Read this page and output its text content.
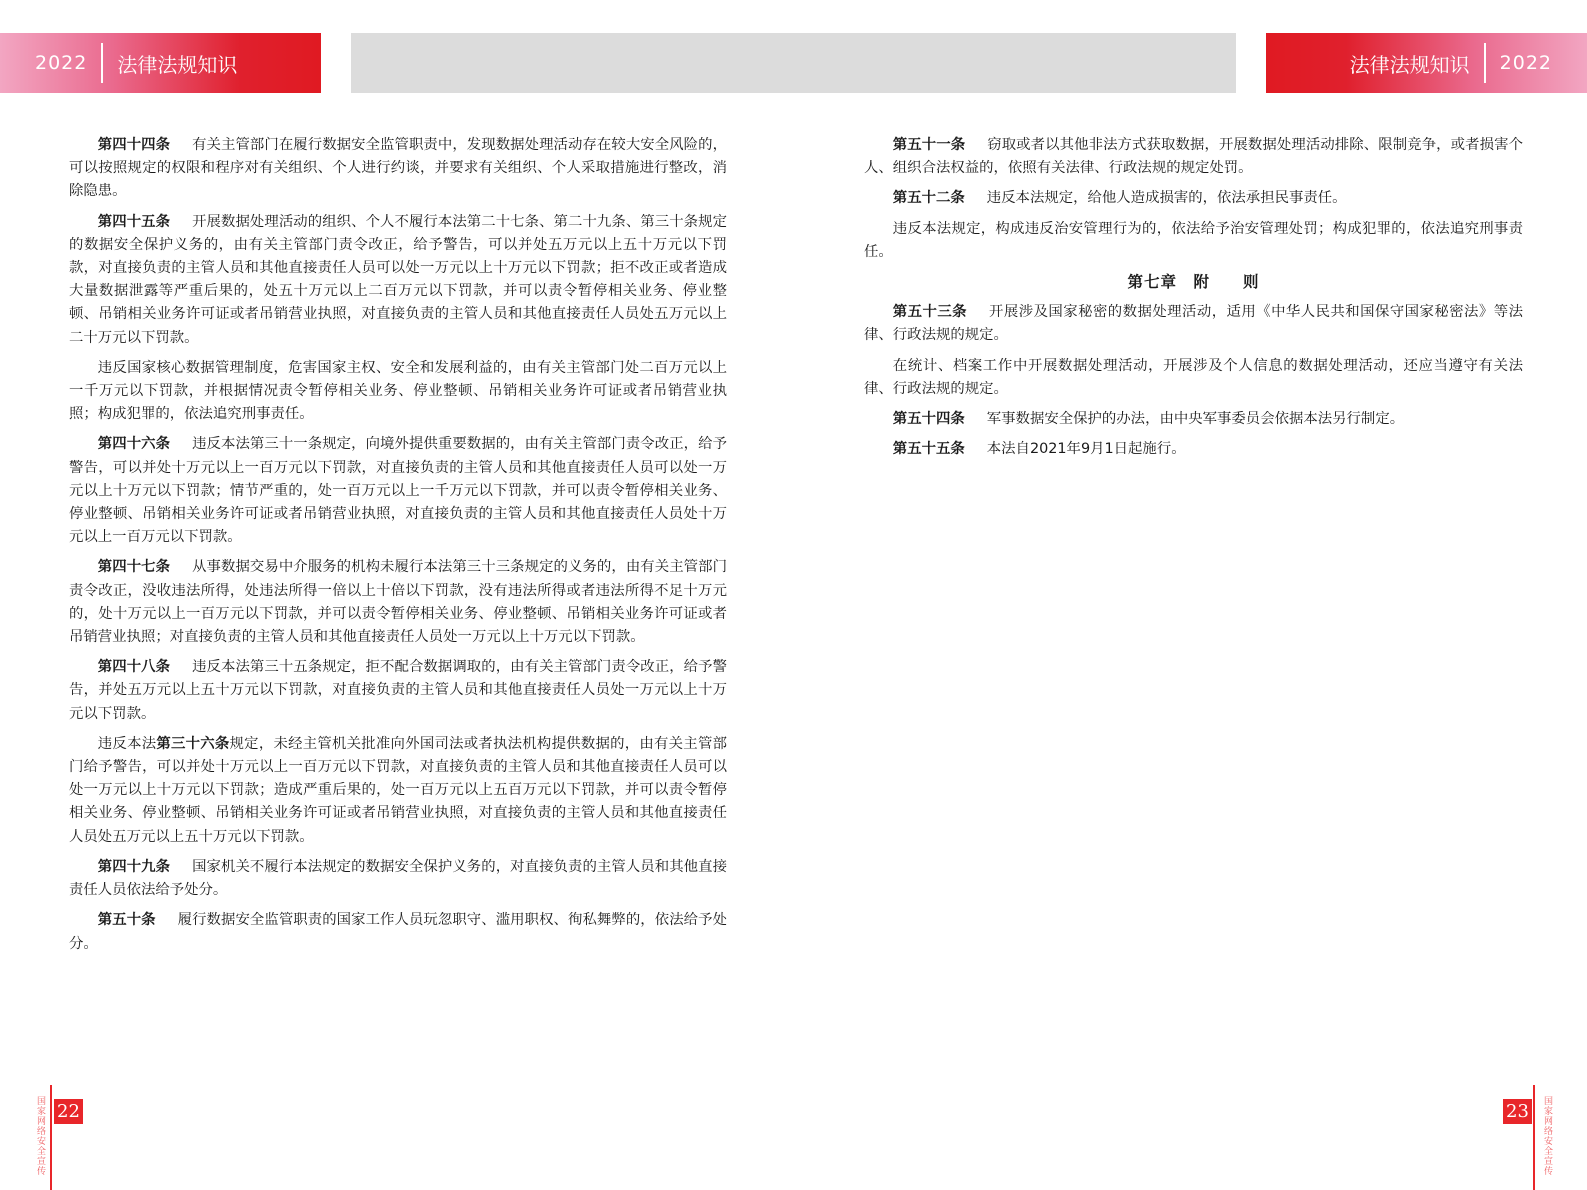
2022 法律法规知识	法律法规知识 2022

第四十四条 有关主管部门在履行数据安全监管职责中，发现数据处理活动存在较大安全风险的，可以按照规定的权限和程序对有关组织、个人进行约谈，并要求有关组织、个人采取措施进行整改，消除隐患。

第四十五条 开展数据处理活动的组织、个人不履行本法第二十七条、第二十九条、第三十条规定的数据安全保护义务的，由有关主管部门责令改正，给予警告，可以并处五万元以上五十万元以下罚款，对直接负责的主管人员和其他直接责任人员可以处一万元以上十万元以下罚款；拒不改正或者造成大量数据泄露等严重后果的，处五十万元以上二百万元以下罚款，并可以责令暂停相关业务、停业整顿、吊销相关业务许可证或者吊销营业执照，对直接负责的主管人员和其他直接责任人员处五万元以上二十万元以下罚款。

违反国家核心数据管理制度，危害国家主权、安全和发展利益的，由有关主管部门处二百万元以上一千万元以下罚款，并根据情况责令暂停相关业务、停业整顿、吊销相关业务许可证或者吊销营业执照；构成犯罪的，依法追究刑事责任。

第四十六条 违反本法第三十一条规定，向境外提供重要数据的，由有关主管部门责令改正，给予警告，可以并处十万元以上一百万元以下罚款，对直接负责的主管人员和其他直接责任人员可以处一万元以上十万元以下罚款；情节严重的，处一百万元以上一千万元以下罚款，并可以责令暂停相关业务、停业整顿、吊销相关业务许可证或者吊销营业执照，对直接负责的主管人员和其他直接责任人员处十万元以上一百万元以下罚款。

第四十七条 从事数据交易中介服务的机构未履行本法第三十三条规定的义务的，由有关主管部门责令改正，没收违法所得，处违法所得一倍以上十倍以下罚款，没有违法所得或者违法所得不足十万元的，处十万元以上一百万元以下罚款，并可以责令暂停相关业务、停业整顿、吊销相关业务许可证或者吊销营业执照；对直接负责的主管人员和其他直接责任人员处一万元以上十万元以下罚款。

第四十八条 违反本法第三十五条规定，拒不配合数据调取的，由有关主管部门责令改正，给予警告，并处五万元以上五十万元以下罚款，对直接负责的主管人员和其他直接责任人员处一万元以上十万元以下罚款。

违反本法第三十六条规定，未经主管机关批准向外国司法或者执法机构提供数据的，由有关主管部门给予警告，可以并处十万元以上一百万元以下罚款，对直接负责的主管人员和其他直接责任人员可以处一万元以上十万元以下罚款；造成严重后果的，处一百万元以上五百万元以下罚款，并可以责令暂停相关业务、停业整顿、吊销相关业务许可证或者吊销营业执照，对直接负责的主管人员和其他直接责任人员处五万元以上五十万元以下罚款。

第四十九条 国家机关不履行本法规定的数据安全保护义务的，对直接负责的主管人员和其他直接责任人员依法给予处分。

第五十条 履行数据安全监管职责的国家工作人员玩忽职守、滥用职权、徇私舞弊的，依法给予处分。

第五十一条 窃取或者以其他非法方式获取数据，开展数据处理活动排除、限制竞争，或者损害个人、组织合法权益的，依照有关法律、行政法规的规定处罚。

第五十二条 违反本法规定，给他人造成损害的，依法承担民事责任。

违反本法规定，构成违反治安管理行为的，依法给予治安管理处罚；构成犯罪的，依法追究刑事责任。

第七章　附　　则

第五十三条 开展涉及国家秘密的数据处理活动，适用《中华人民共和国保守国家秘密法》等法律、行政法规的规定。

在统计、档案工作中开展数据处理活动，开展涉及个人信息的数据处理活动，还应当遵守有关法律、行政法规的规定。

第五十四条 军事数据安全保护的办法，由中央军事委员会依据本法另行制定。

第五十五条 本法自2021年9月1日起施行。

国家网络安全宣传 22	国家网络安全宣传
23
